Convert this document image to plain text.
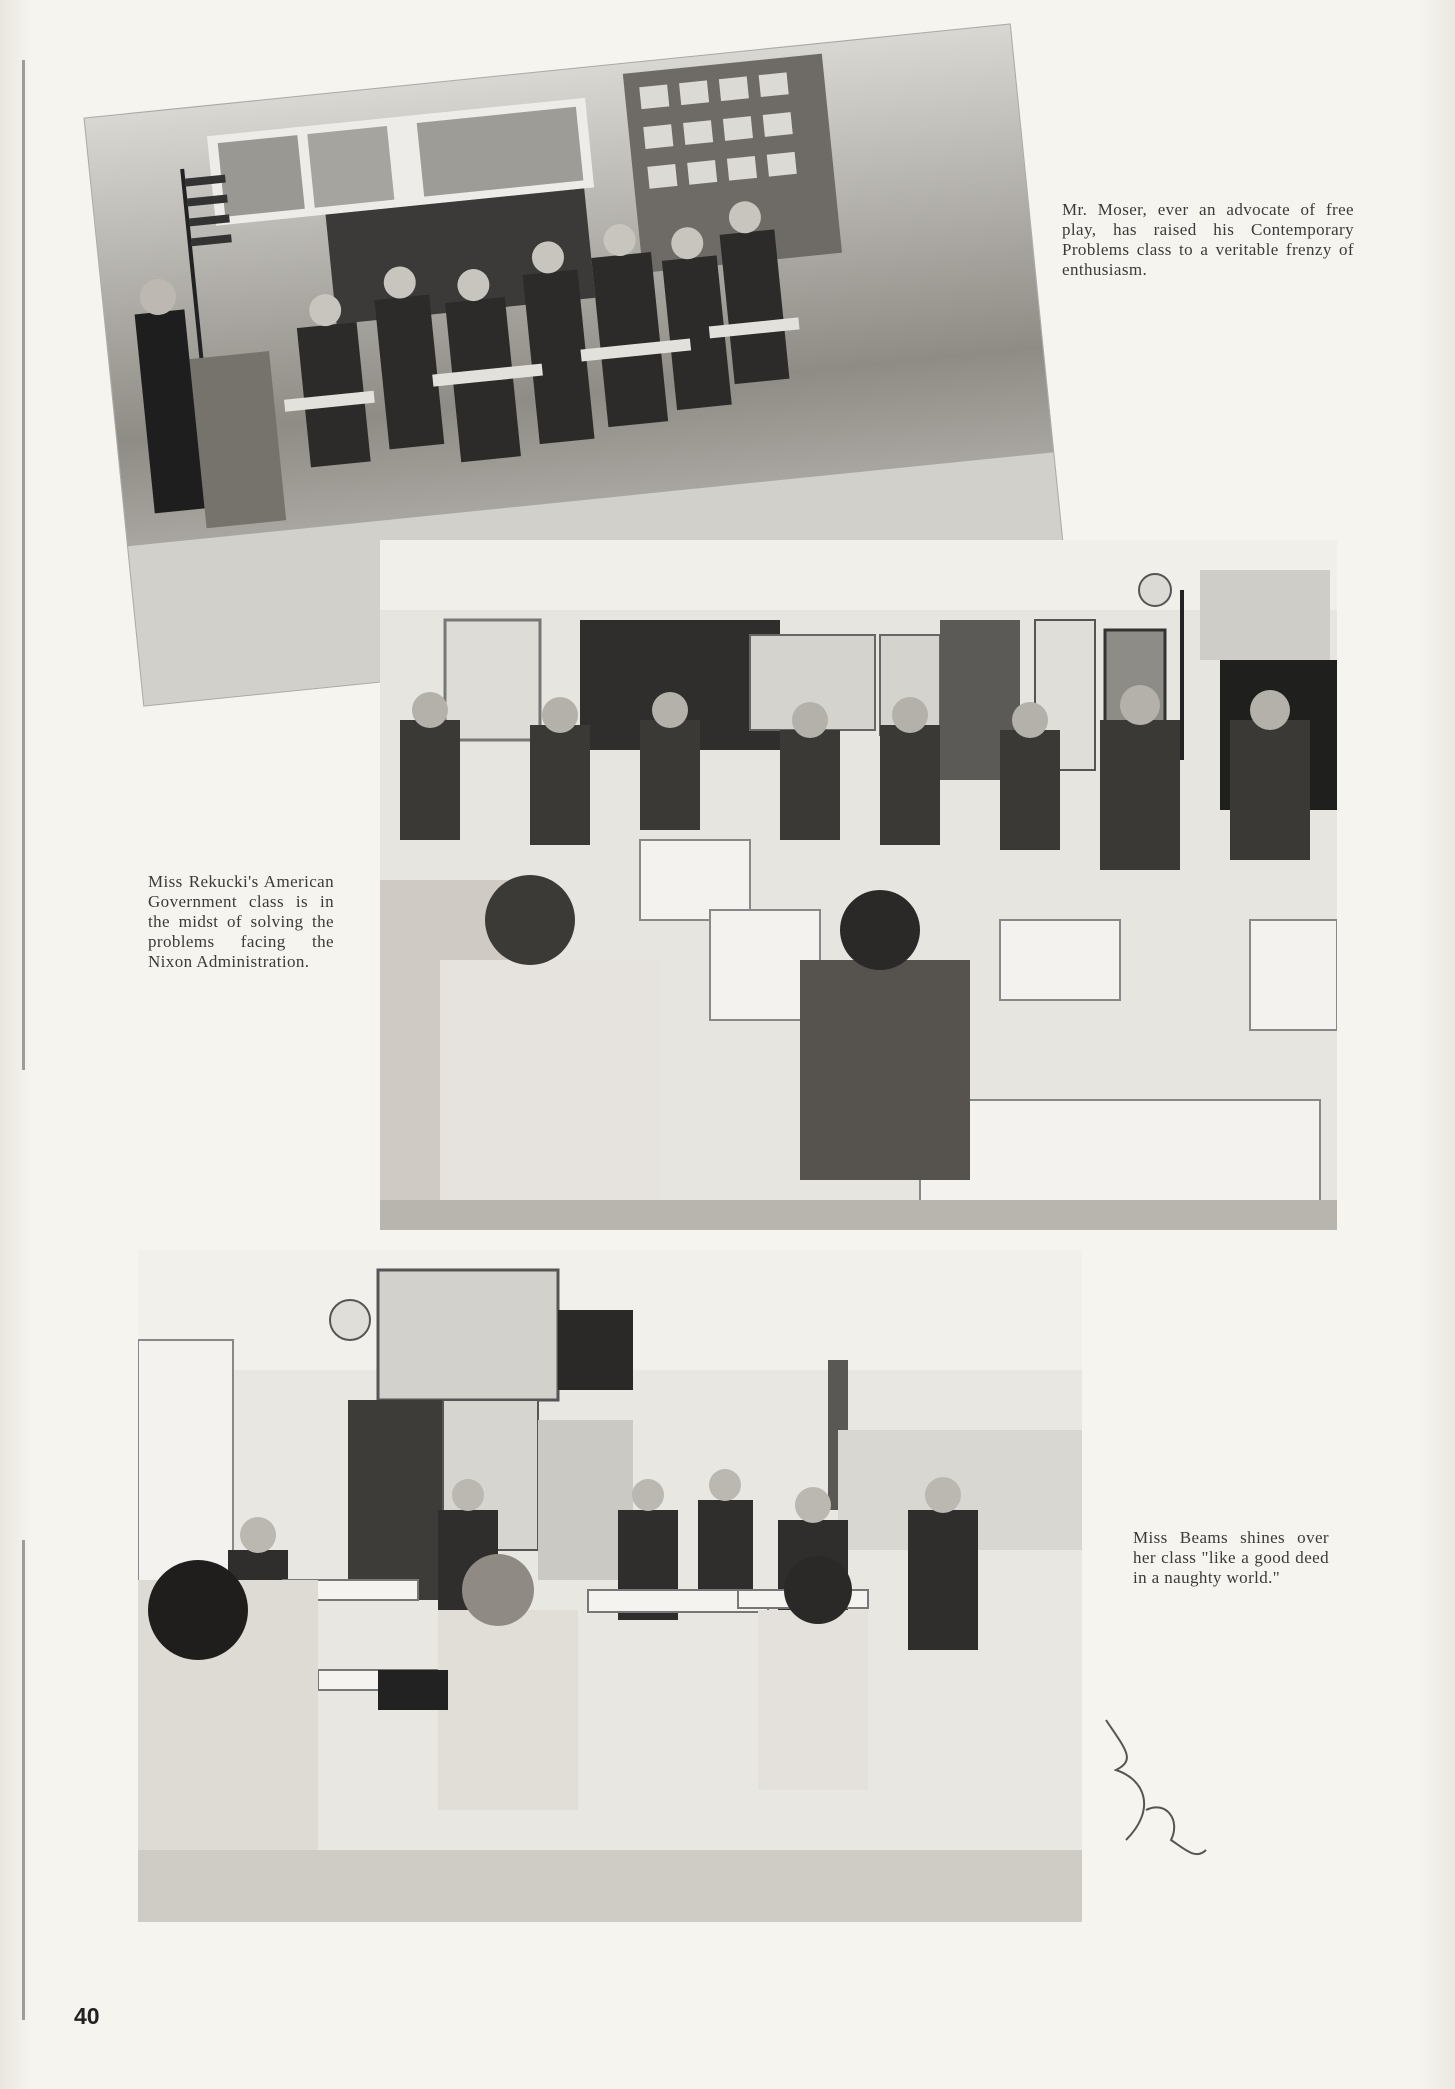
Mr. Moser, ever an advocate of free play, has raised his Contemporary Problems class to a veritable frenzy of enthusiasm.
Miss Rekucki's American Government class is in the midst of solving the problems facing the Nixon Administration.
Miss Beams shines over her class "like a good deed in a naughty world."
40
